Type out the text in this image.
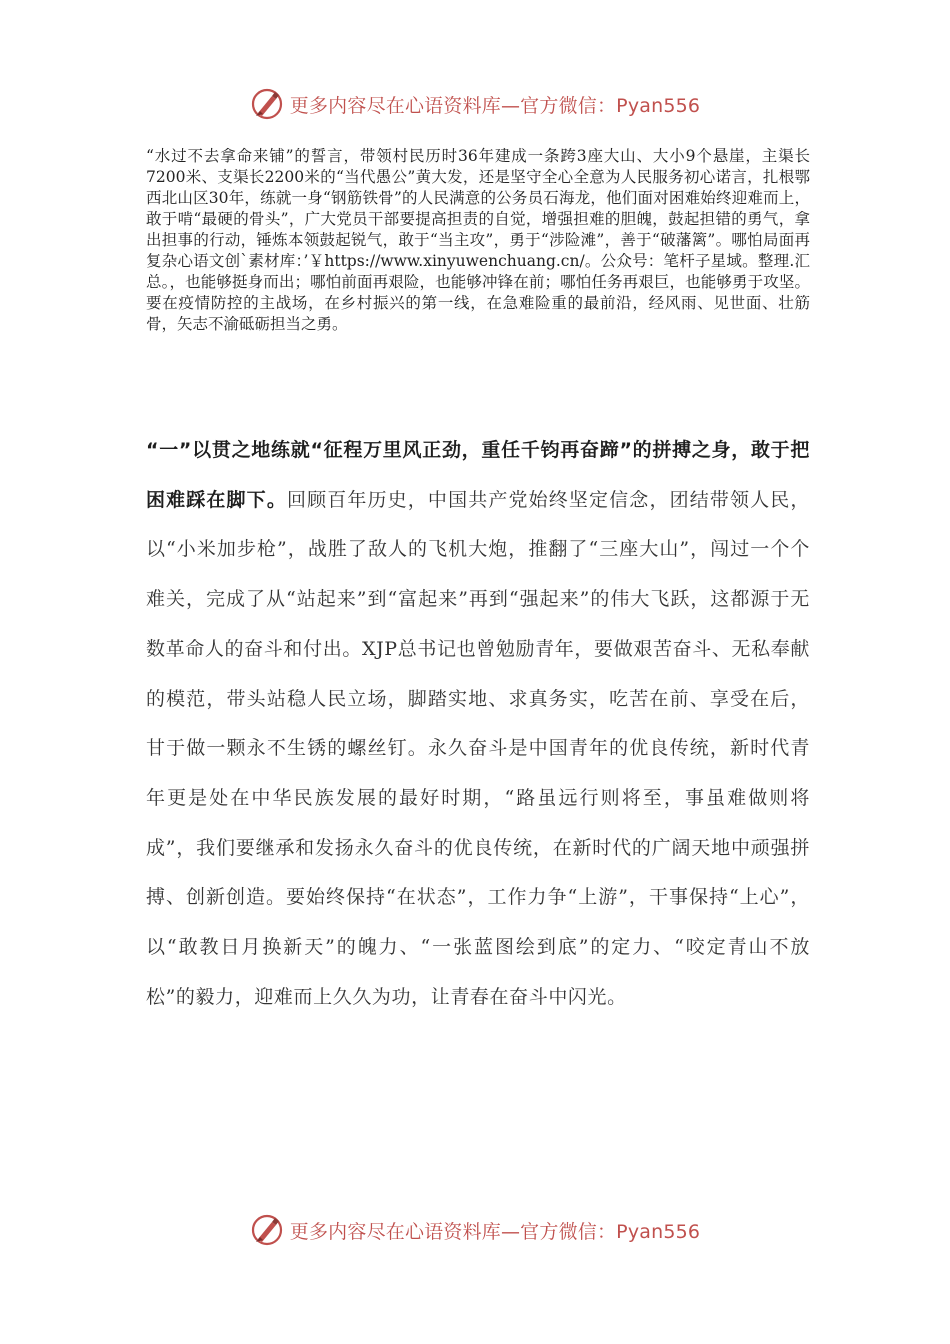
更多内容尽在心语资料库—官方微信：Pyan556

“水过不去拿命来铺”的誓言，带领村民历时36年建成一条跨3座大山、大小9个悬崖，主渠长7200米、支渠长2200米的“当代愚公”黄大发，还是坚守全心全意为人民服务初心诺言，扎根鄂西北山区30年，练就一身“钢筋铁骨”的人民满意的公务员石海龙，他们面对困难始终迎难而上，敢于啃“最硬的骨头”，广大党员干部要提高担责的自觉，增强担难的胆魄，鼓起担错的勇气，拿出担事的行动，锤炼本领鼓起锐气，敢于“当主攻”，勇于“涉险滩”，善于“破藩篱”。哪怕局面再复杂心语文创`素材库：’￥https://www.xinyuwenchuang.cn/。公众号：笔杆子星域。整理.汇总。，也能够挺身而出；哪怕前面再艰险，也能够冲锋在前；哪怕任务再艰巨，也能够勇于攻坚。要在疫情防控的主战场，在乡村振兴的第一线，在急难险重的最前沿，经风雨、见世面、壮筋骨，矢志不渝砥砺担当之勇。

“一”以贯之地练就“征程万里风正劲，重任千钧再奋蹄”的拼搏之身，敢于把困难踩在脚下。回顾百年历史，中国共产党始终坚定信念，团结带领人民，以“小米加步枪”，战胜了敌人的飞机大炮，推翻了“三座大山”，闯过一个个难关，完成了从“站起来”到“富起来”再到“强起来”的伟大飞跃，这都源于无数革命人的奋斗和付出。XJP总书记也曾勉励青年，要做艰苦奋斗、无私奉献的模范，带头站稳人民立场，脚踏实地、求真务实，吃苦在前、享受在后，甘于做一颗永不生锈的螺丝钉。永久奋斗是中国青年的优良传统，新时代青年更是处在中华民族发展的最好时期，“路虽远行则将至，事虽难做则将成”，我们要继承和发扬永久奋斗的优良传统，在新时代的广阔天地中顽强拼搏、创新创造。要始终保持“在状态”，工作力争“上游”，干事保持“上心”，以“敢教日月换新天”的魄力、“一张蓝图绘到底”的定力、“咬定青山不放松”的毅力，迎难而上久久为功，让青春在奋斗中闪光。

更多内容尽在心语资料库—官方微信：Pyan556
